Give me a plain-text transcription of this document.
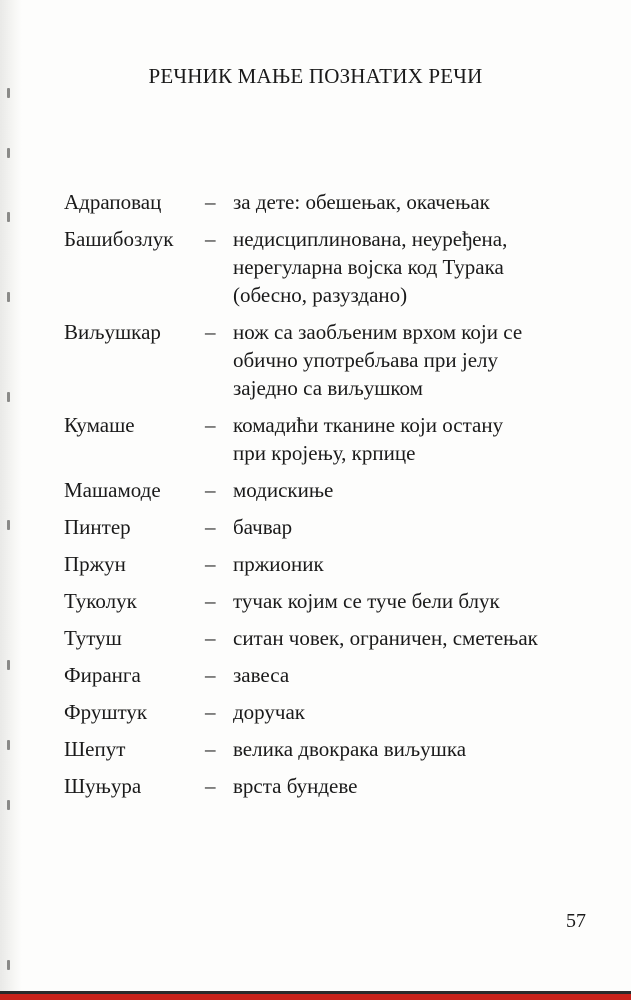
РЕЧНИК МАЊЕ ПОЗНАТИХ РЕЧИ
Адраповац	– за дете: обешењак, окачењак
Башибозлук	– недисциплинована, неуређена,
нерегуларна војска код Турака
(обесно, разуздано)
Виљушкар	– нож са заобљеним врхом који се
обично употребљава при јелу
заједно са виљушком
Кумаше	– комадићи тканине који остану
при кројењу, крпице
Машамоде	– модискиње
Пинтер	– бачвар
Пржун	– пржионик
Туколук	– тучак којим се туче бели блук
Тутуш	– ситан човек, ограничен, сметењак
Фиранга	– завеса
Фруштук	– доручак
Шепут	– велика двокрака виљушка
Шуњура	– врста бундеве
57
